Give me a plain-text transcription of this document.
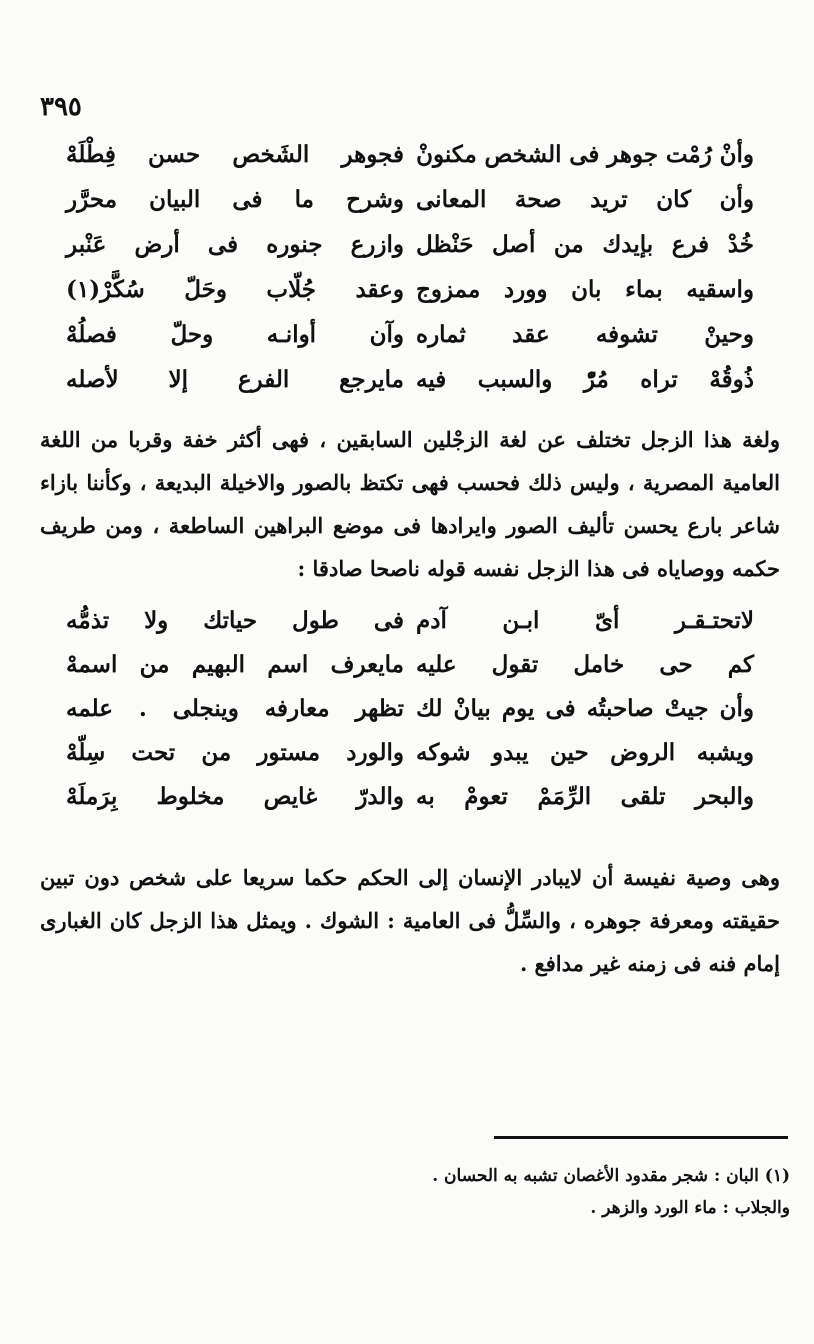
٣٩٥
وأنْ
رُمْت
جوهر
فى
الشخص
مكنونْ
فجوهر
الشَخص
حسن
فِطْلَهْ
وأن
كان
تريد
صحة
المعانى
وشرح
ما
فى
البيان
محرَّر
خُدْ
فرع
بإيدك
من
أصل
حَنْظل
وازرع
جنوره
فى
أرض
عَنْبر
واسقيه
بماء
بان
وورد
ممزوج
وعقد
جُلّاب
وحَلّ
سُكَّرْ(١)
وحينْ
تشوفه
عقد
ثماره
وآن
أوانـه
وحلّ
فصلُهْ
ذُوقُهْ
تراه
مُرّْ
والسبب
فيه
مايرجع
الفرع
إلا
لأصله
ولغة هذا الزجل تختلف عن لغة الزجْلين السابقين ، فهى أكثر خفة وقربا من اللغة العامية المصرية ، وليس ذلك فحسب فهى تكتظ بالصور والاخيلة البديعة ، وكأننا بازاء شاعر بارع يحسن تأليف الصور وايرادها فى موضع البراهين الساطعة ، ومن طريف حكمه ووصاياه فى هذا الزجل نفسه قوله ناصحا صادقا :
لاتحتـقـر
أىّ
ابـن
آدم
فى
طول
حياتك
ولا
تذمُّه
كم
حى
خامل
تقول
عليه
مايعرف
اسم
البهيم
من
اسمهْ
وأن
جيتْ
صاحبتُه
فى
يوم
بيانْ
لك
تظهر
معارفه
وينجلى
.
علمه
ويشبه
الروض
حين
يبدو
شوكه
والورد
مستور
من
تحت
سِلّهْ
والبحر
تلقى
الرِّمَمْ
تعومْ
به
والدرّ
غايص
مخلوط
بِرَملَهْ
وهى وصية نفيسة أن لايبادر الإنسان إلى الحكم حكما سريعا على شخص دون تبين حقيقته ومعرفة جوهره ، والسِّلُّ فى العامية : الشوك . ويمثل هذا الزجل كان الغبارى إمام فنه فى زمنه غير مدافع .
(١) البان : شجر مقدود الأغصان تشبه به الحسان .
والجلاب : ماء الورد والزهر .
